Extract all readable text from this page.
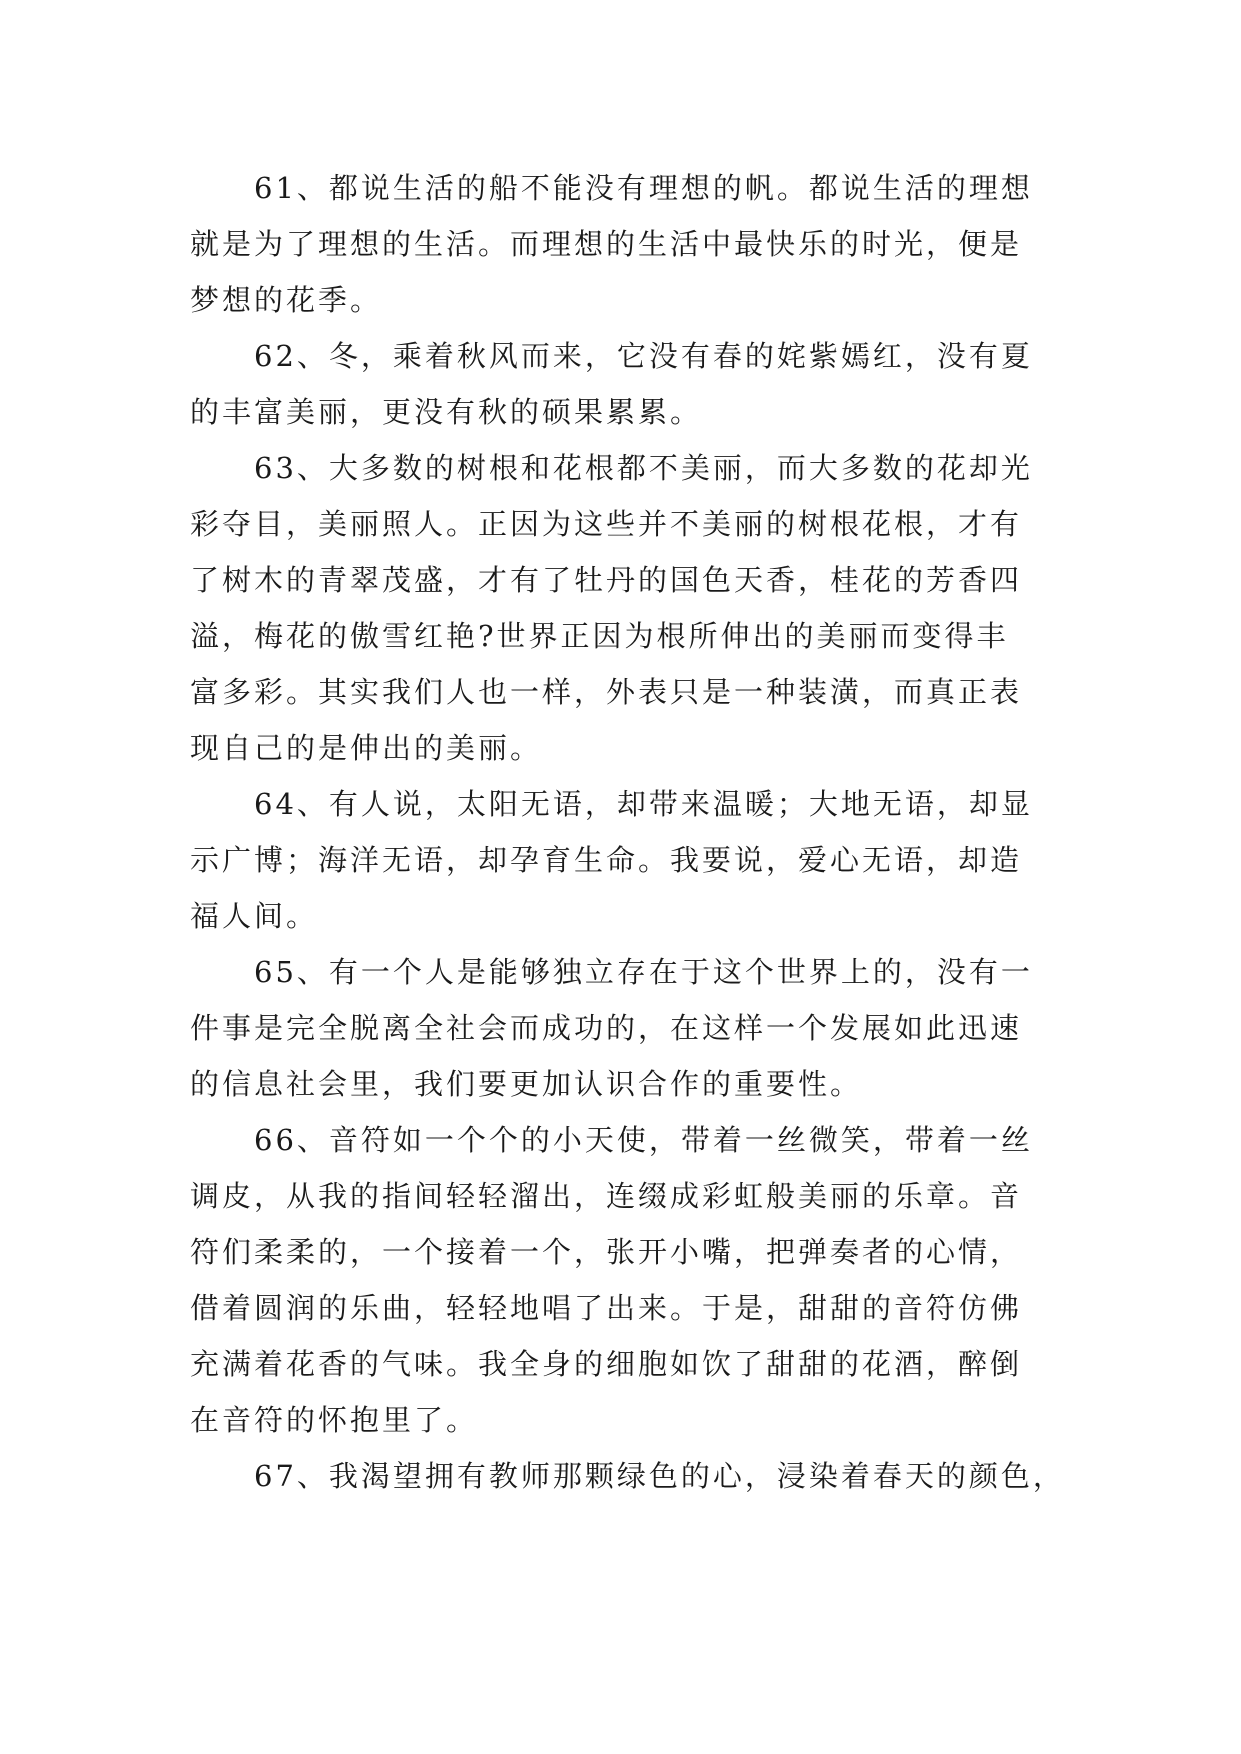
61、都说生活的船不能没有理想的帆。都说生活的理想
就是为了理想的生活。而理想的生活中最快乐的时光，便是
梦想的花季。

62、冬，乘着秋风而来，它没有春的姹紫嫣红，没有夏
的丰富美丽，更没有秋的硕果累累。

63、大多数的树根和花根都不美丽，而大多数的花却光
彩夺目，美丽照人。正因为这些并不美丽的树根花根，才有
了树木的青翠茂盛，才有了牡丹的国色天香，桂花的芳香四
溢，梅花的傲雪红艳?世界正因为根所伸出的美丽而变得丰
富多彩。其实我们人也一样，外表只是一种装潢，而真正表
现自己的是伸出的美丽。

64、有人说，太阳无语，却带来温暖；大地无语，却显
示广博；海洋无语，却孕育生命。我要说，爱心无语，却造
福人间。

65、有一个人是能够独立存在于这个世界上的，没有一
件事是完全脱离全社会而成功的，在这样一个发展如此迅速
的信息社会里，我们要更加认识合作的重要性。

66、音符如一个个的小天使，带着一丝微笑，带着一丝
调皮，从我的指间轻轻溜出，连缀成彩虹般美丽的乐章。音
符们柔柔的，一个接着一个，张开小嘴，把弹奏者的心情，
借着圆润的乐曲，轻轻地唱了出来。于是，甜甜的音符仿佛
充满着花香的气味。我全身的细胞如饮了甜甜的花酒，醉倒
在音符的怀抱里了。

67、我渴望拥有教师那颗绿色的心，浸染着春天的颜色，
